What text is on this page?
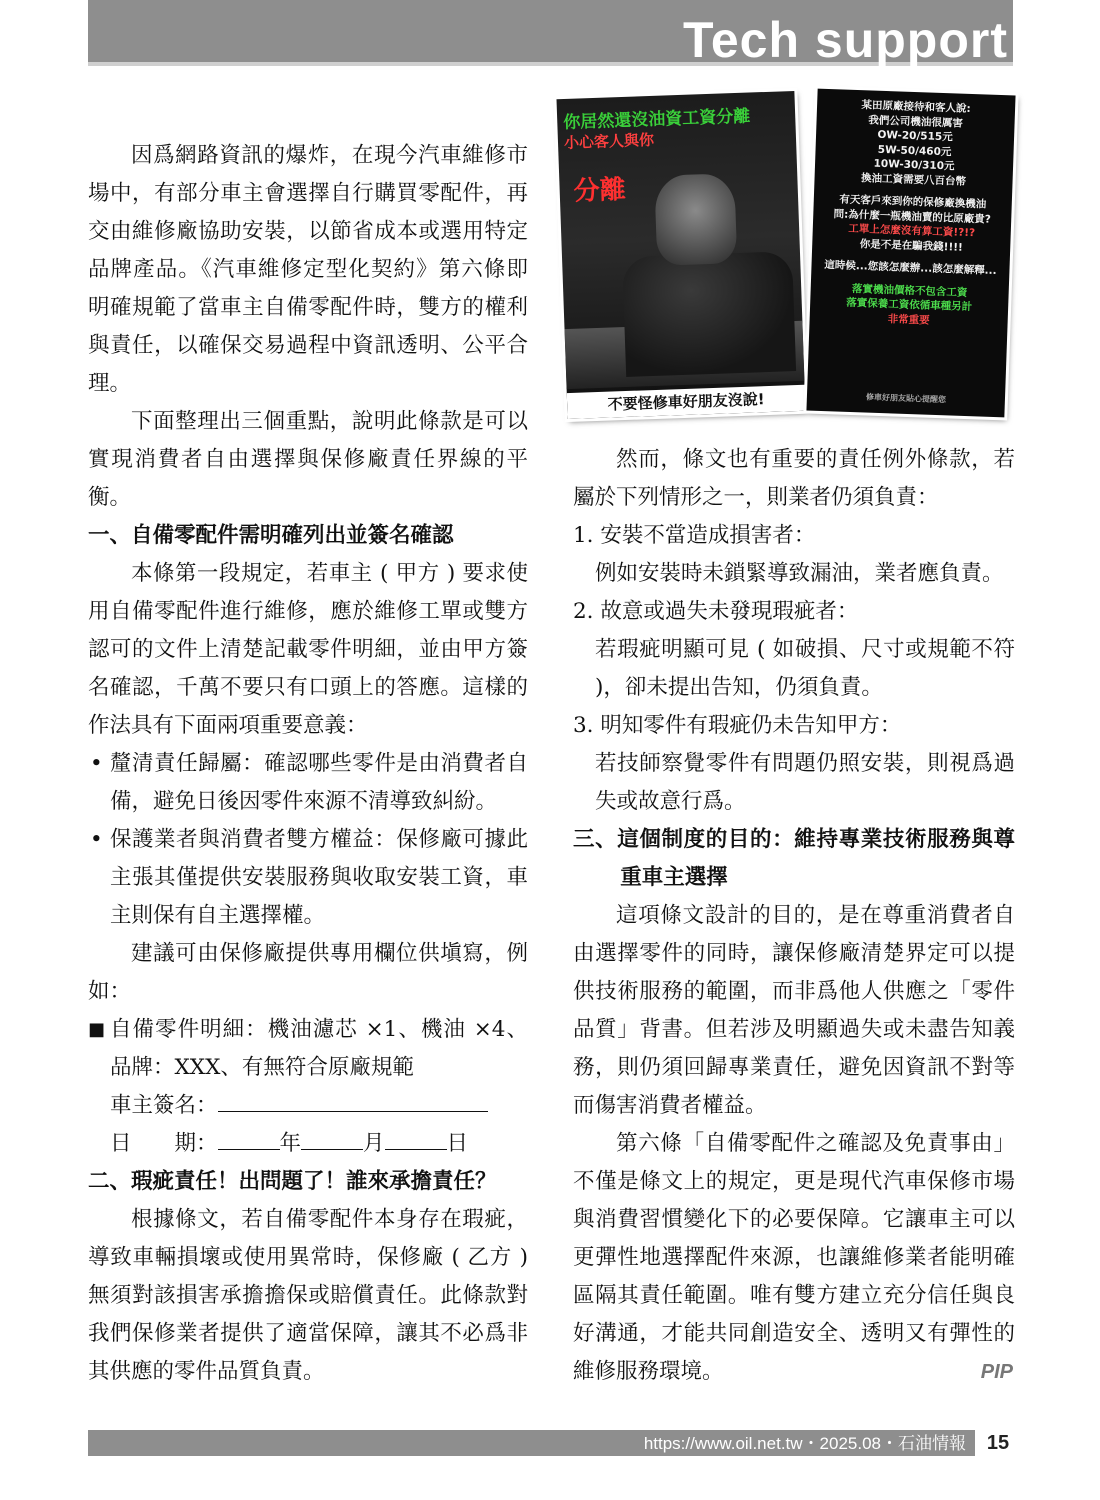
Tech support

因爲網路資訊的爆炸，在現今汽車維修市場中，有部分車主會選擇自行購買零配件，再交由維修廠協助安裝，以節省成本或選用特定品牌產品。《汽車維修定型化契約》第六條即明確規範了當車主自備零配件時，雙方的權利與責任，以確保交易過程中資訊透明、公平合理。

下面整理出三個重點，說明此條款是可以實現消費者自由選擇與保修廠責任界線的平衡。

一、自備零配件需明確列出並簽名確認

本條第一段規定，若車主 ( 甲方 ) 要求使用自備零配件進行維修，應於維修工單或雙方認可的文件上清楚記載零件明細，並由甲方簽名確認，千萬不要只有口頭上的答應。這樣的作法具有下面兩項重要意義：

• 釐清責任歸屬：確認哪些零件是由消費者自備，避免日後因零件來源不清導致糾紛。

• 保護業者與消費者雙方權益：保修廠可據此主張其僅提供安裝服務與收取安裝工資，車主則保有自主選擇權。

建議可由保修廠提供專用欄位供塡寫，例如：

■ 自備零件明細：機油濾芯 ×1、機油 ×4、品牌：XXX、有無符合原廠規範

車主簽名：

日　　期：	年	月	日

二、瑕疵責任！出問題了！誰來承擔責任？

根據條文，若自備零配件本身存在瑕疵，導致車輛損壞或使用異常時，保修廠 ( 乙方 ) 無須對該損害承擔擔保或賠償責任。此條款對我們保修業者提供了適當保障，讓其不必爲非其供應的零件品質負責。

你居然還沒油資工資分離
小心客人與你
分離
不要怪修車好朋友沒說!
某田原廠接待和客人說:
我們公司機油很厲害
OW-20/515元
5W-50/460元
10W-30/310元
換油工資需要八百台幣
有天客戶來到你的保修廠換機油
問:為什麼一瓶機油賣的比原廠貴?
工單上怎麼沒有算工資!?!?
你是不是在騙我錢!!!!
這時候...您該怎麼辦...該怎麼解釋...
落實機油價格不包含工資
落實保養工資依循車種另計
非常重要
修車好朋友貼心提醒您

然而，條文也有重要的責任例外條款，若屬於下列情形之一，則業者仍須負責：

1. 安裝不當造成損害者：

例如安裝時未鎖緊導致漏油，業者應負責。

2. 故意或過失未發現瑕疵者：

若瑕疵明顯可見 ( 如破損、尺寸或規範不符 )，卻未提出告知，仍須負責。

3. 明知零件有瑕疵仍未告知甲方：

若技師察覺零件有問題仍照安裝，則視爲過失或故意行爲。

三、這個制度的目的：維持專業技術服務與尊重車主選擇

這項條文設計的目的，是在尊重消費者自由選擇零件的同時，讓保修廠清楚界定可以提供技術服務的範圍，而非爲他人供應之「零件品質」背書。但若涉及明顯過失或未盡告知義務，則仍須回歸專業責任，避免因資訊不對等而傷害消費者權益。

第六條「自備零配件之確認及免責事由」不僅是條文上的規定，更是現代汽車保修市場與消費習慣變化下的必要保障。它讓車主可以更彈性地選擇配件來源，也讓維修業者能明確區隔其責任範圍。唯有雙方建立充分信任與良好溝通，才能共同創造安全、透明又有彈性的維修服務環境。	PIP

https://www.oil.net.tw・2025.08・石油情報 15
